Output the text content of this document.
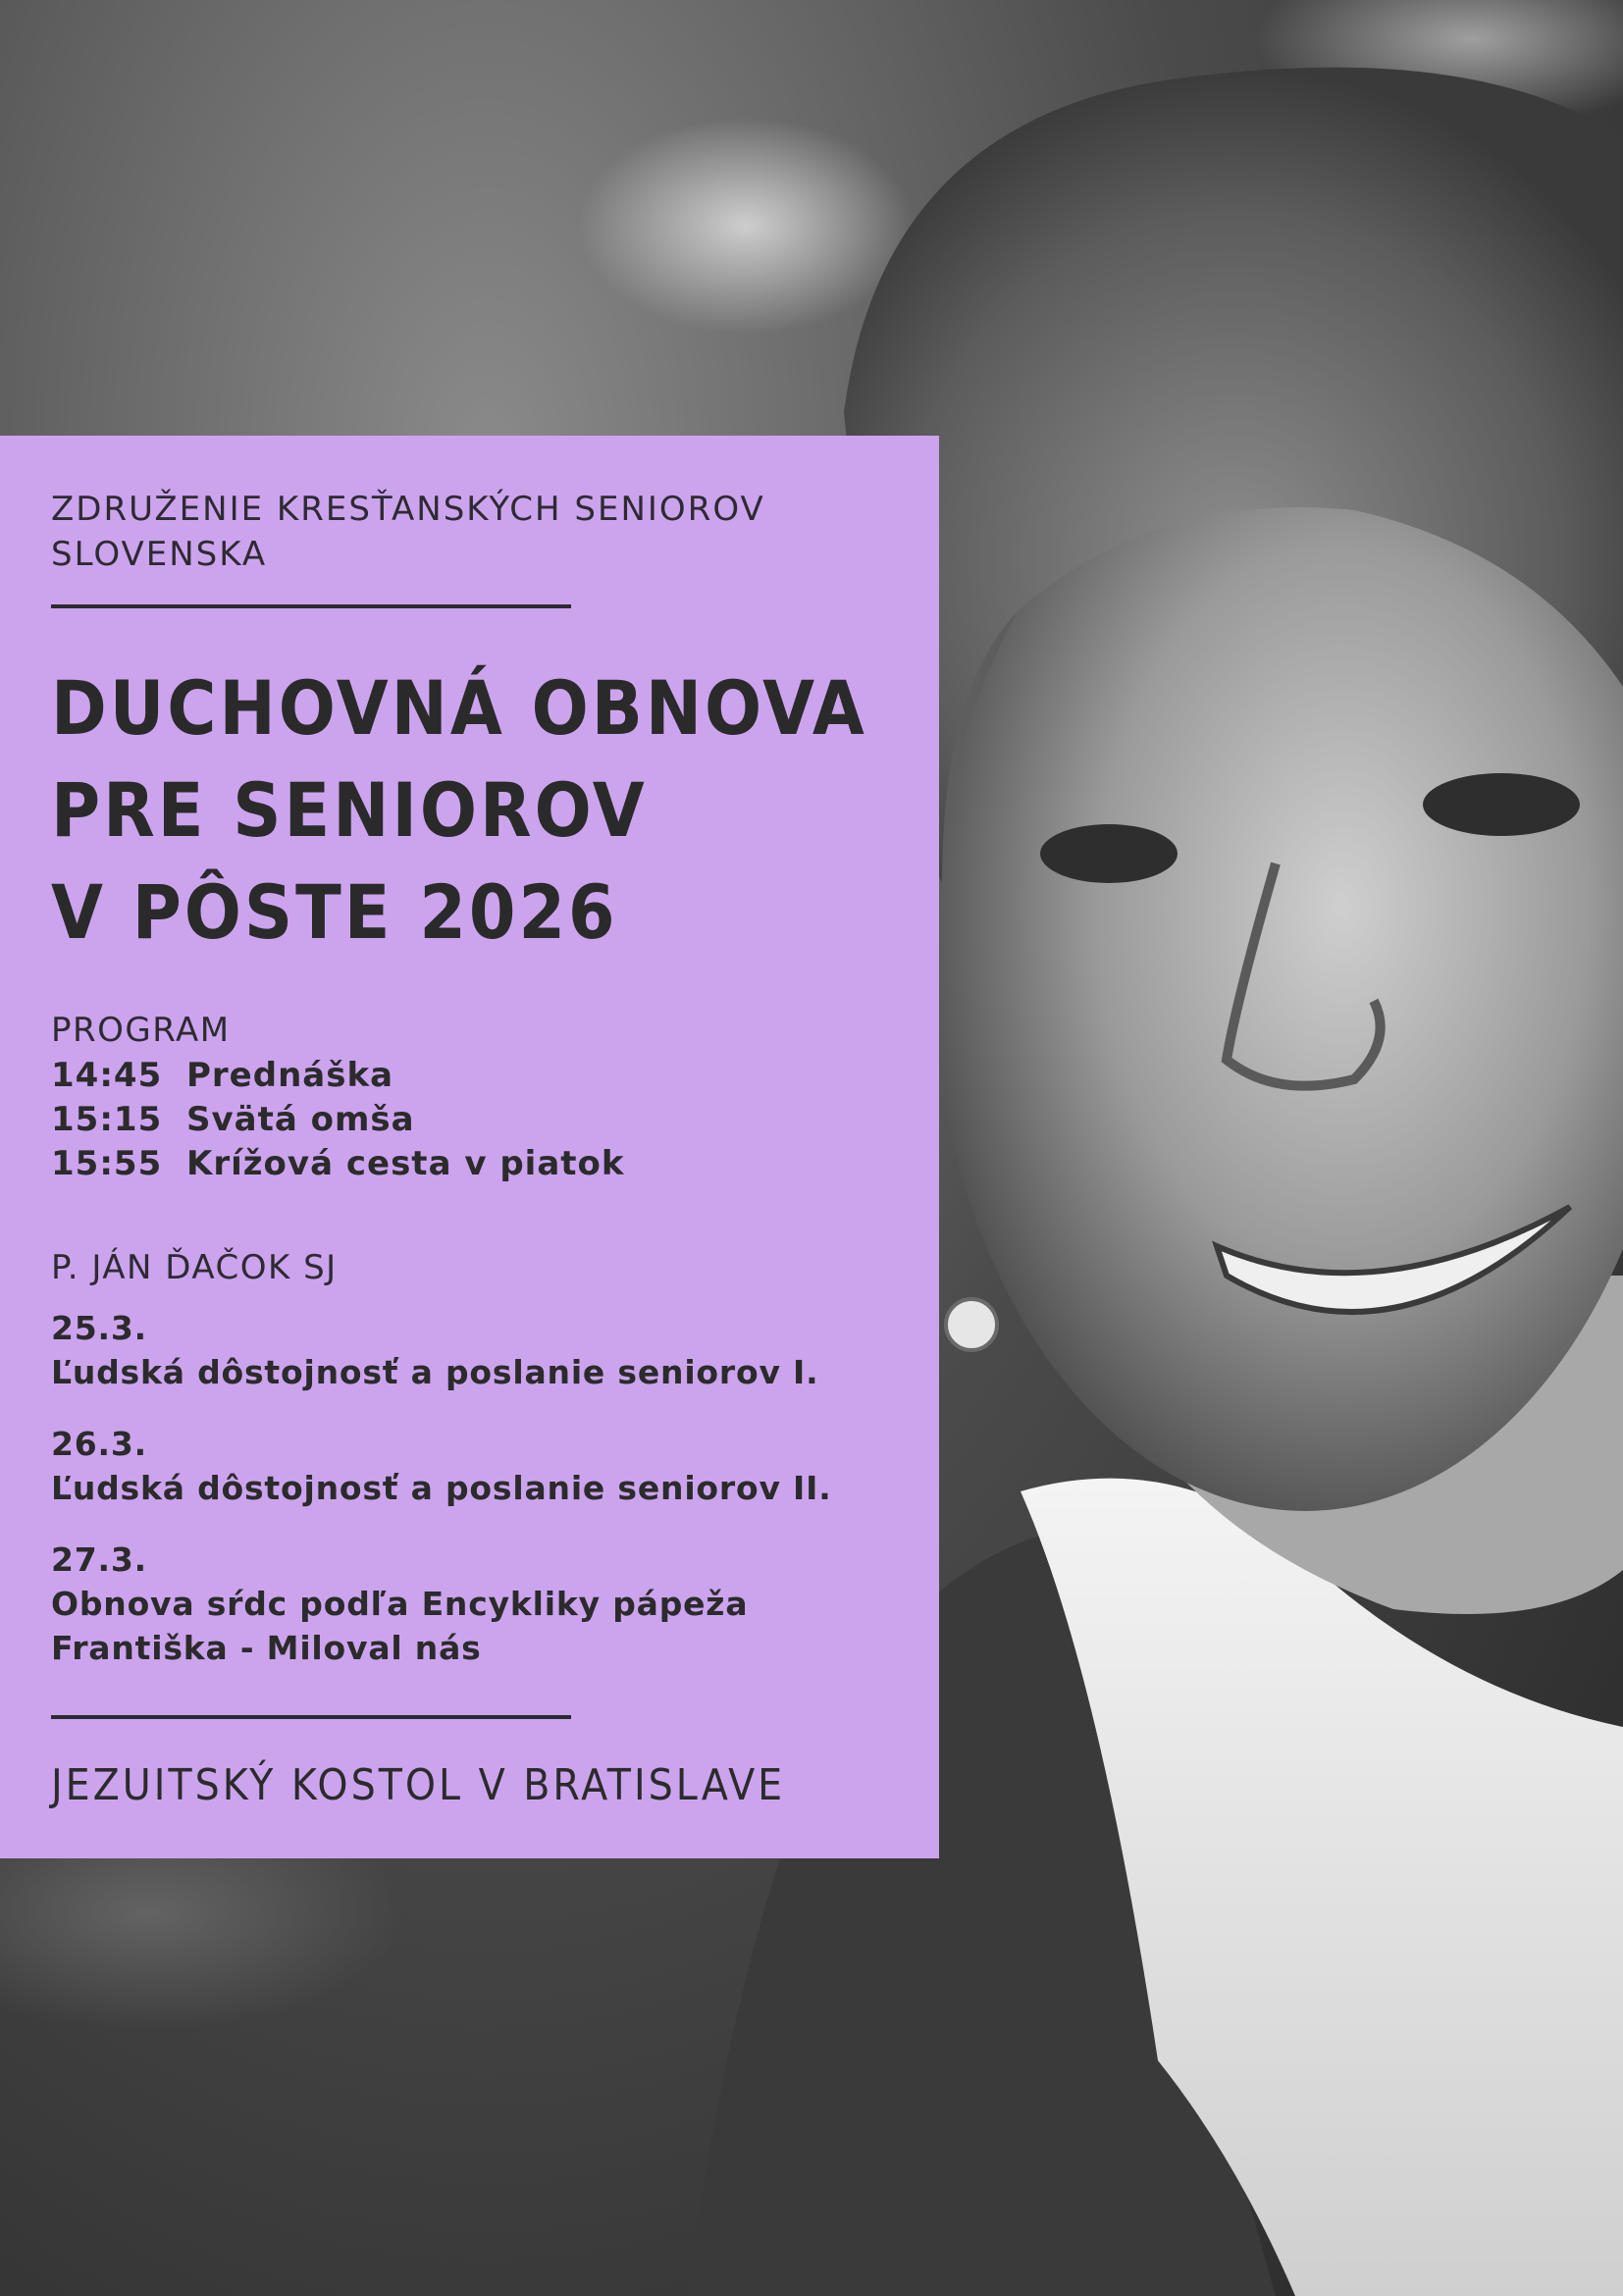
ZDRUŽENIE KRESŤANSKÝCH SENIOROV SLOVENSKA
DUCHOVNÁ OBNOVA
PRE SENIOROV
V PÔSTE 2026
PROGRAM
14:45 Prednáška
15:15 Svätá omša
15:55 Krížová cesta v piatok
P. JÁN ĎAČOK SJ
25.3.
Ľudská dôstojnosť a poslanie seniorov I.
26.3.
Ľudská dôstojnosť a poslanie seniorov II.
27.3.
Obnova sŕdc podľa Encykliky pápeža Františka - Miloval nás
JEZUITSKÝ KOSTOL V BRATISLAVE
